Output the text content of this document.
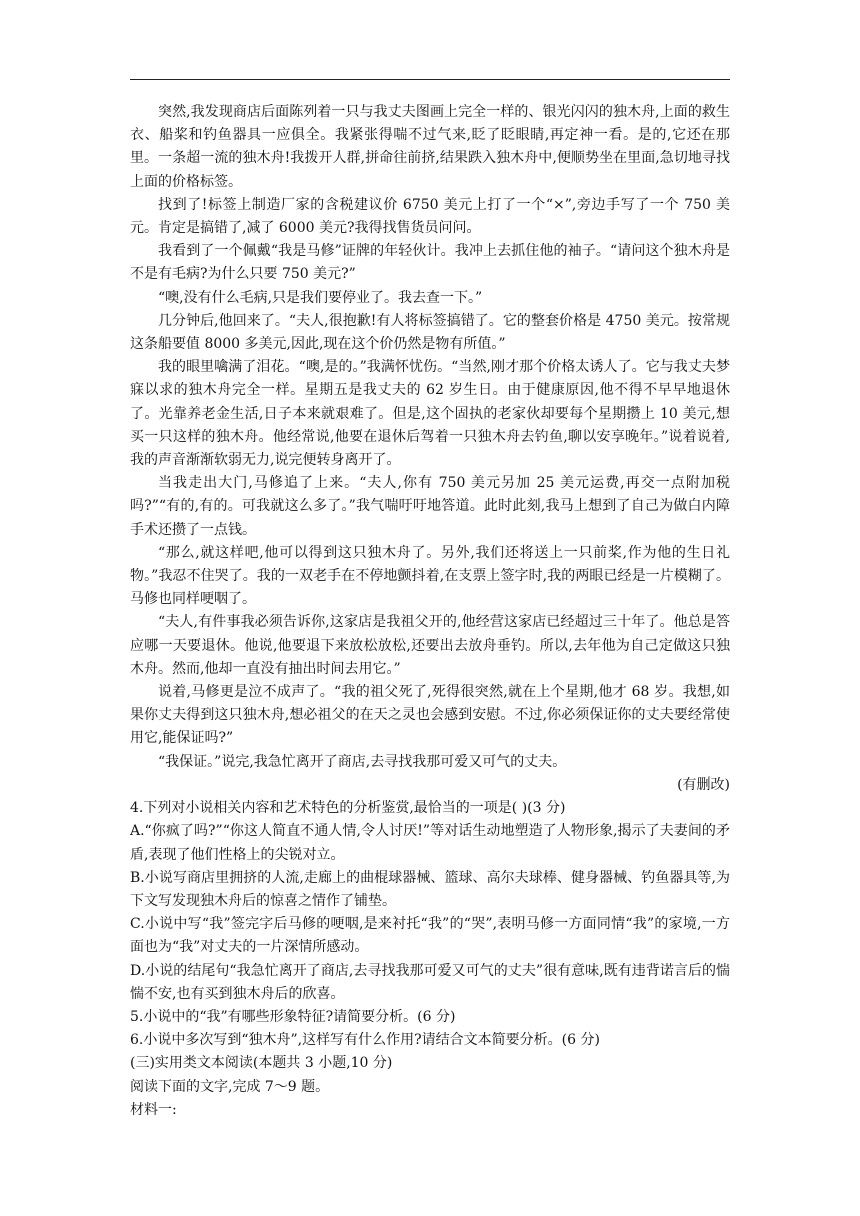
突然,我发现商店后面陈列着一只与我丈夫图画上完全一样的、银光闪闪的独木舟,上面的救生衣、船桨和钓鱼器具一应俱全。我紧张得喘不过气来,眨了眨眼睛,再定神一看。是的,它还在那里。一条超一流的独木舟!我拨开人群,拼命往前挤,结果跌入独木舟中,便顺势坐在里面,急切地寻找上面的价格标签。

找到了!标签上制造厂家的含税建议价 6750 美元上打了一个“×”,旁边手写了一个 750 美元。肯定是搞错了,减了 6000 美元?我得找售货员问问。

我看到了一个佩戴“我是马修”证牌的年轻伙计。我冲上去抓住他的袖子。“请问这个独木舟是不是有毛病?为什么只要 750 美元?”

“噢,没有什么毛病,只是我们要停业了。我去查一下。”

几分钟后,他回来了。“夫人,很抱歉!有人将标签搞错了。它的整套价格是 4750 美元。按常规这条船要值 8000 多美元,因此,现在这个价仍然是物有所值。”

我的眼里噙满了泪花。“噢,是的。”我满怀忧伤。“当然,刚才那个价格太诱人了。它与我丈夫梦寐以求的独木舟完全一样。星期五是我丈夫的 62 岁生日。由于健康原因,他不得不早早地退休了。光靠养老金生活,日子本来就艰难了。但是,这个固执的老家伙却要每个星期攒上 10 美元,想买一只这样的独木舟。他经常说,他要在退休后驾着一只独木舟去钓鱼,聊以安享晚年。”说着说着,我的声音渐渐软弱无力,说完便转身离开了。

当我走出大门,马修追了上来。“夫人,你有 750 美元另加 25 美元运费,再交一点附加税吗?”“有的,有的。可我就这么多了。”我气喘吁吁地答道。此时此刻,我马上想到了自己为做白内障手术还攒了一点钱。

“那么,就这样吧,他可以得到这只独木舟了。另外,我们还将送上一只前桨,作为他的生日礼物。”我忍不住哭了。我的一双老手在不停地颤抖着,在支票上签字时,我的两眼已经是一片模糊了。马修也同样哽咽了。

“夫人,有件事我必须告诉你,这家店是我祖父开的,他经营这家店已经超过三十年了。他总是答应哪一天要退休。他说,他要退下来放松放松,还要出去放舟垂钓。所以,去年他为自己定做这只独木舟。然而,他却一直没有抽出时间去用它。”

说着,马修更是泣不成声了。“我的祖父死了,死得很突然,就在上个星期,他才 68 岁。我想,如果你丈夫得到这只独木舟,想必祖父的在天之灵也会感到安慰。不过,你必须保证你的丈夫要经常使用它,能保证吗?”

“我保证。”说完,我急忙离开了商店,去寻找我那可爱又可气的丈夫。

(有删改)

4.下列对小说相关内容和艺术特色的分析鉴赏,最恰当的一项是( )(3 分)

A.“你疯了吗?”“你这人简直不通人情,令人讨厌!”等对话生动地塑造了人物形象,揭示了夫妻间的矛盾,表现了他们性格上的尖锐对立。

B.小说写商店里拥挤的人流,走廊上的曲棍球器械、篮球、高尔夫球棒、健身器械、钓鱼器具等,为下文写发现独木舟后的惊喜之情作了铺垫。

C.小说中写“我”签完字后马修的哽咽,是来衬托“我”的“哭”,表明马修一方面同情“我”的家境,一方面也为“我”对丈夫的一片深情所感动。

D.小说的结尾句“我急忙离开了商店,去寻找我那可爱又可气的丈夫”很有意味,既有违背诺言后的惴惴不安,也有买到独木舟后的欣喜。

5.小说中的“我”有哪些形象特征?请简要分析。(6 分)

6.小说中多次写到“独木舟”,这样写有什么作用?请结合文本简要分析。(6 分)

(三)实用类文本阅读(本题共 3 小题,10 分)

阅读下面的文字,完成 7～9 题。

材料一:
